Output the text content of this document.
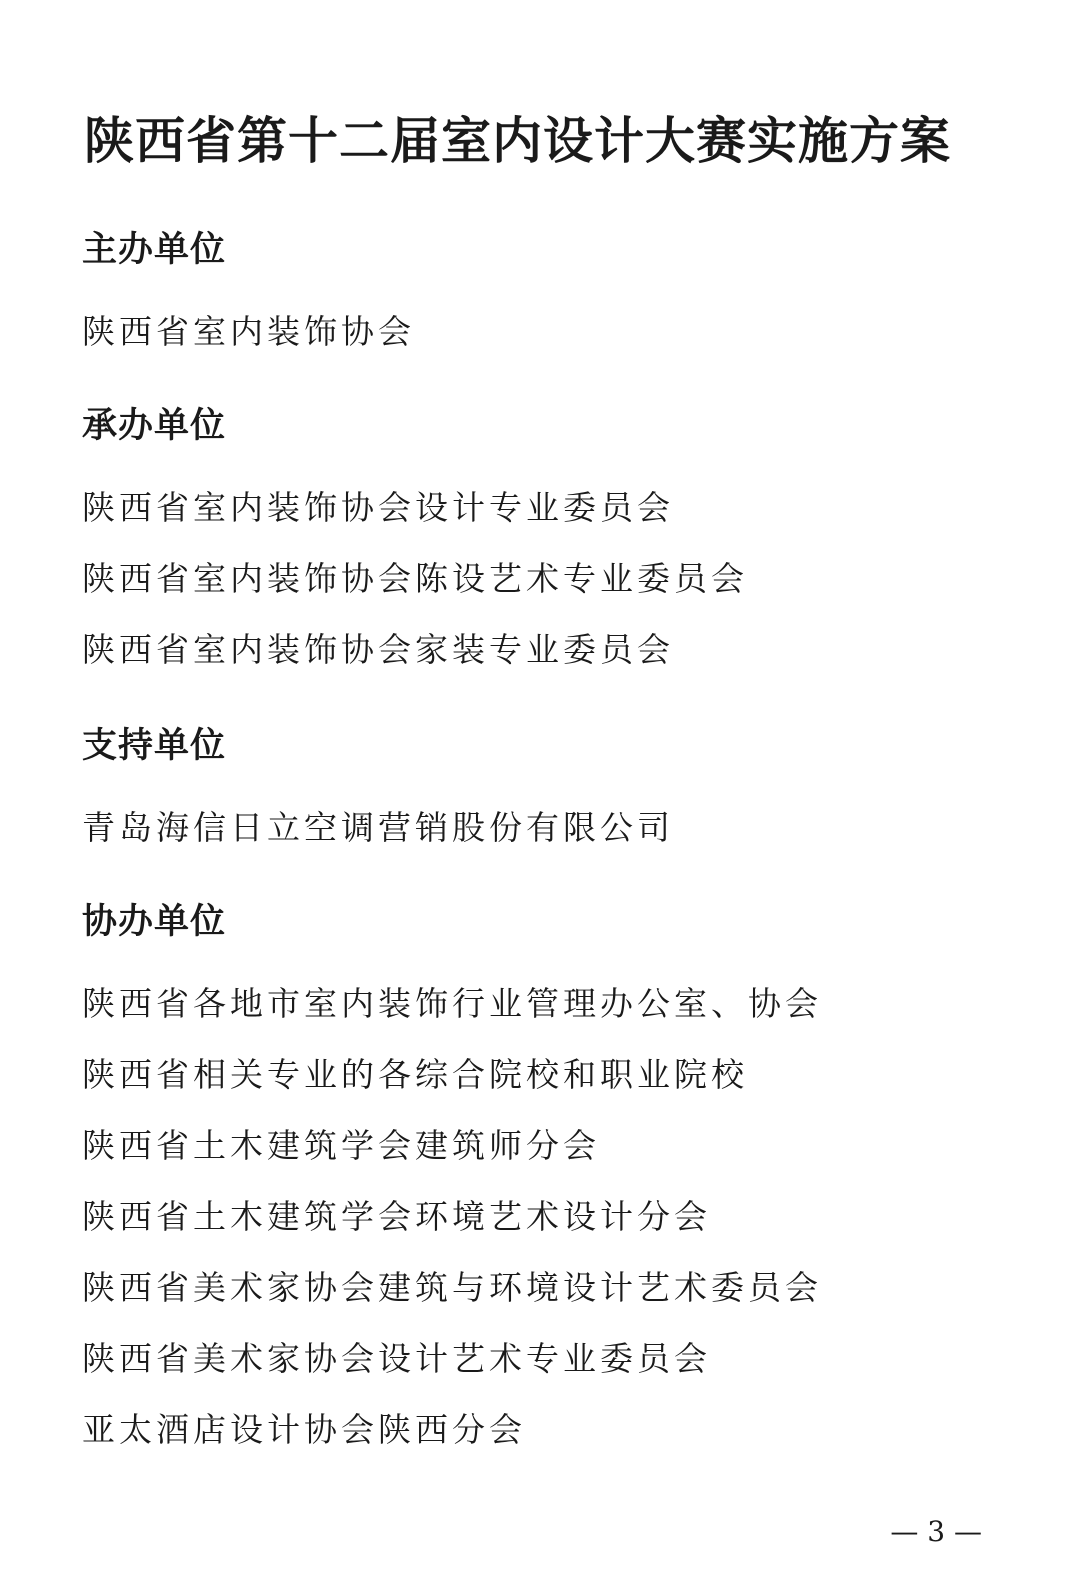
陕西省第十二届室内设计大赛实施方案
主办单位
陕西省室内装饰协会
承办单位
陕西省室内装饰协会设计专业委员会
陕西省室内装饰协会陈设艺术专业委员会
陕西省室内装饰协会家装专业委员会
支持单位
青岛海信日立空调营销股份有限公司
协办单位
陕西省各地市室内装饰行业管理办公室、协会
陕西省相关专业的各综合院校和职业院校
陕西省土木建筑学会建筑师分会
陕西省土木建筑学会环境艺术设计分会
陕西省美术家协会建筑与环境设计艺术委员会
陕西省美术家协会设计艺术专业委员会
亚太酒店设计协会陕西分会
— 3 —
